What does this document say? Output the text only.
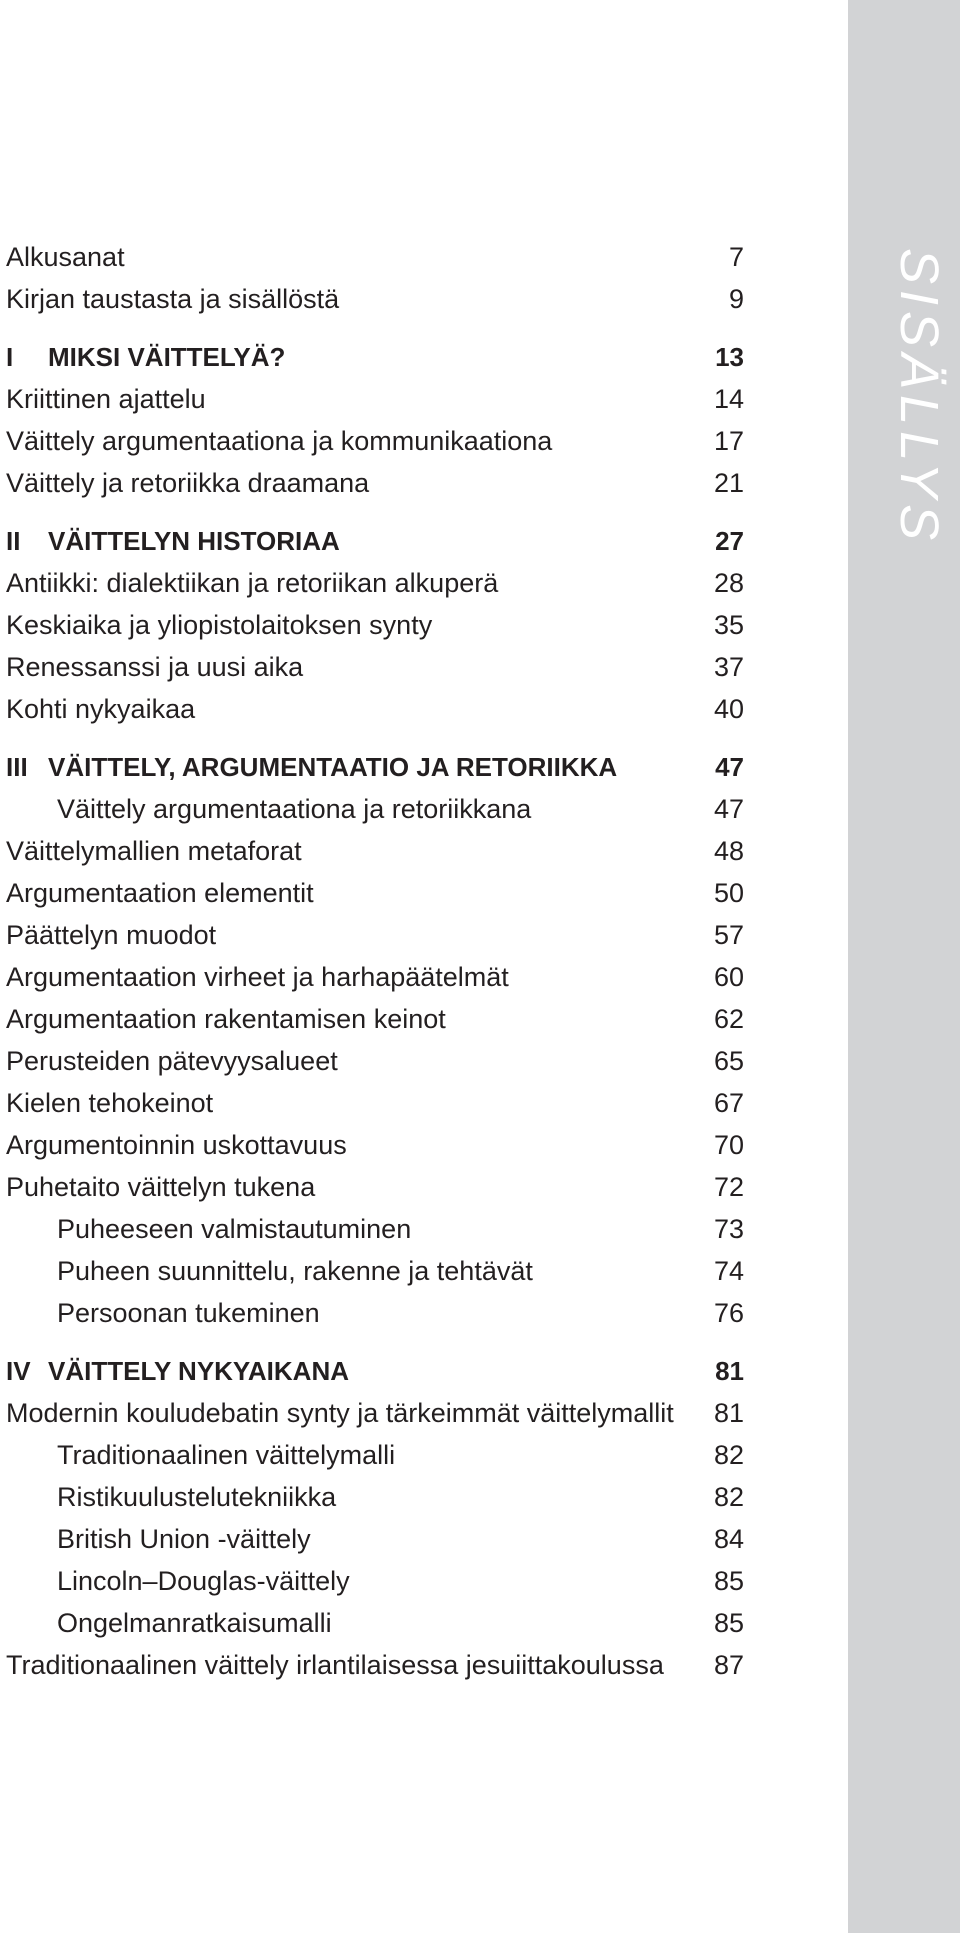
SISÄLLYS
Alkusanat	7
Kirjan taustasta ja sisällöstä	9
I MIKSI VÄITTELYÄ?	13
Kriittinen ajattelu	14
Väittely argumentaationa ja kommunikaationa	17
Väittely ja retoriikka draamana	21
II VÄITTELYN HISTORIAA	27
Antiikki: dialektiikan ja retoriikan alkuperä	28
Keskiaika ja yliopistolaitoksen synty	35
Renessanssi ja uusi aika	37
Kohti nykyaikaa	40
III VÄITTELY, ARGUMENTAATIO JA RETORIIKKA	47
Väittely argumentaationa ja retoriikkana	47
Väittelymallien metaforat	48
Argumentaation elementit	50
Päättelyn muodot	57
Argumentaation virheet ja harhapäätelmät	60
Argumentaation rakentamisen keinot	62
Perusteiden pätevyysalueet	65
Kielen tehokeinot	67
Argumentoinnin uskottavuus	70
Puhetaito väittelyn tukena	72
Puheeseen valmistautuminen	73
Puheen suunnittelu, rakenne ja tehtävät	74
Persoonan tukeminen	76
IV VÄITTELY NYKYAIKANA	81
Modernin kouludebatin synty ja tärkeimmät väittelymallit 81
Traditionaalinen väittelymalli	82
Ristikuulustelutekniikka	82
British Union -väittely	84
Lincoln–Douglas-väittely	85
Ongelmanratkaisumalli	85
Traditionaalinen väittely irlantilaisessa jesuiittakoulussa 87
